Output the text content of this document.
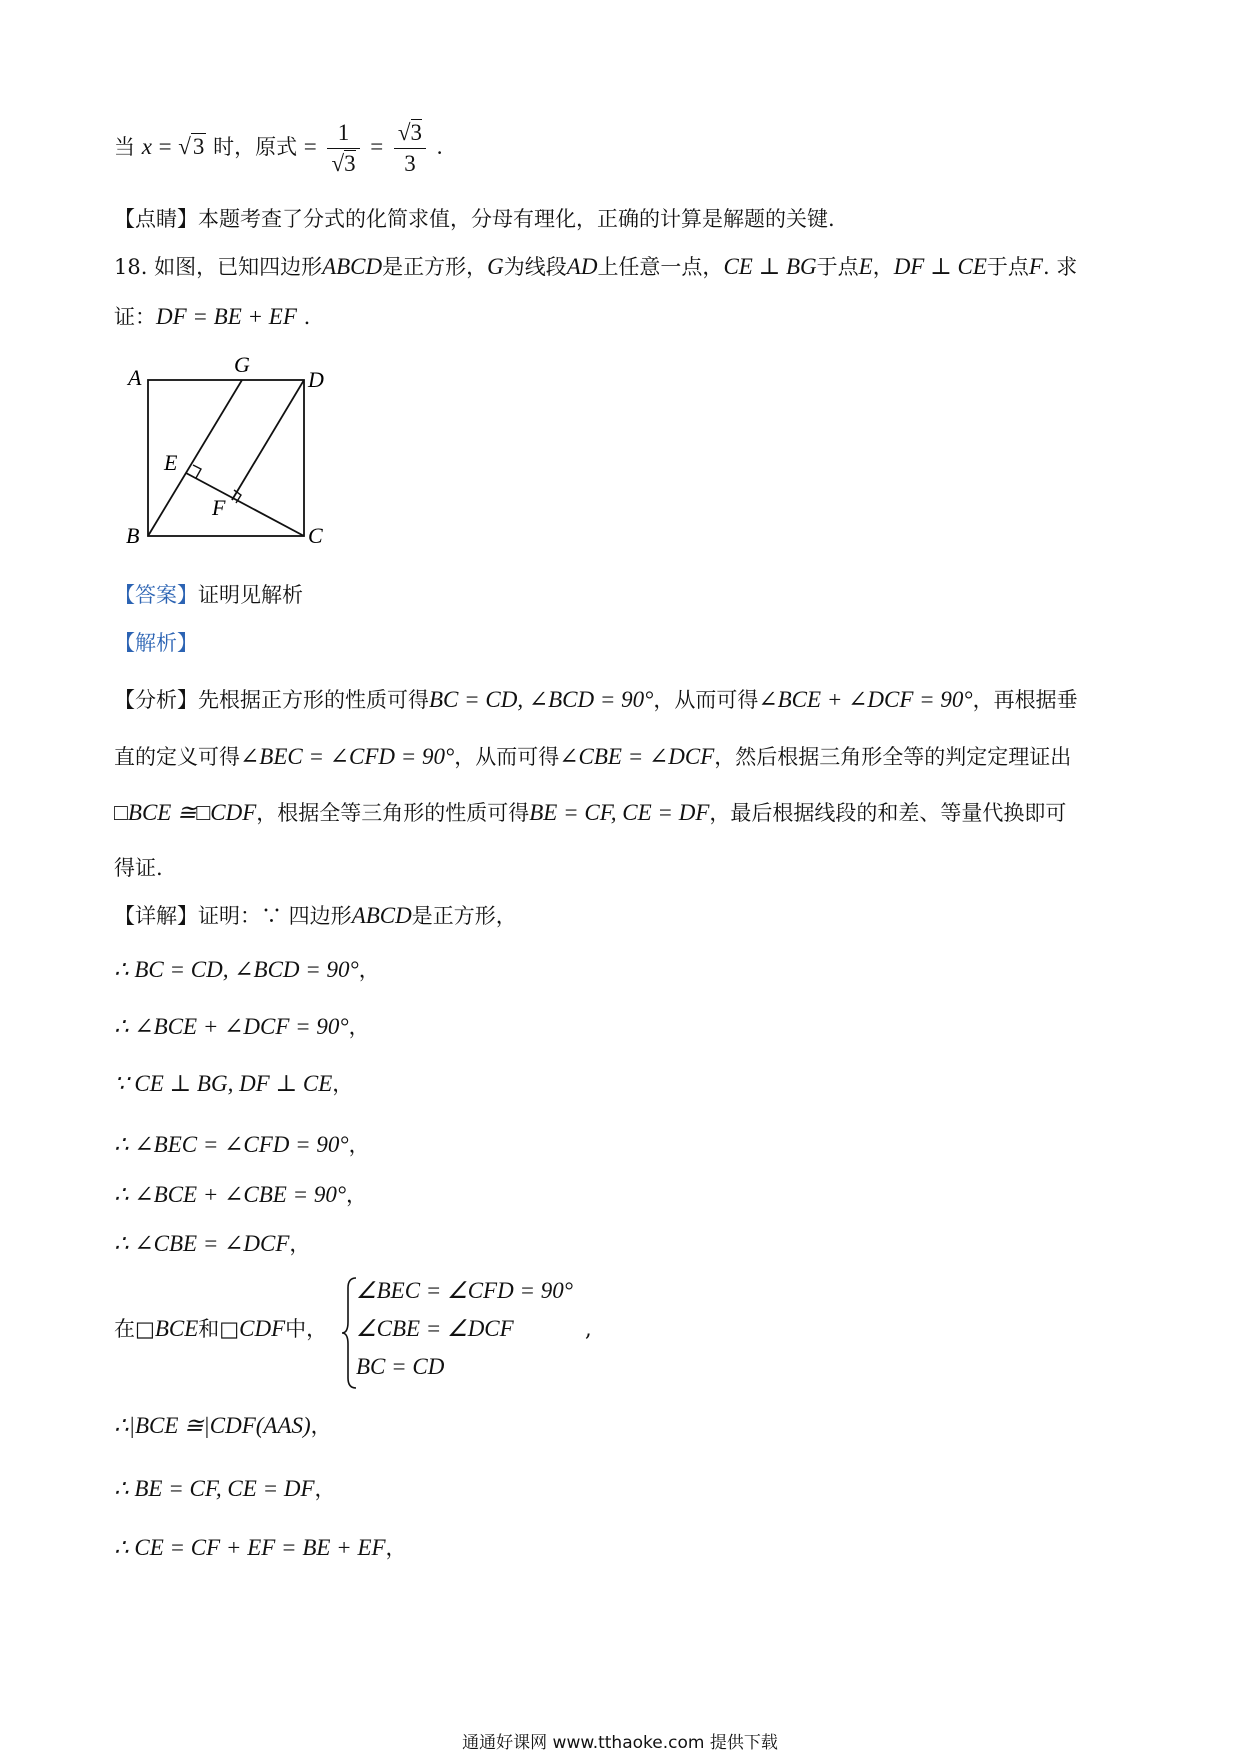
当 x = √3 时，原式 = $\frac{1}{√3} = \frac{√3}{3}$ .
【点睛】本题考查了分式的化简求值，分母有理化，正确的计算是解题的关键.
18. 如图，已知四边形ABCD是正方形，G为线段AD上任意一点，CE ⊥ BG于点E，DF ⊥ CE于点F. 求
证：DF = BE + EF .
A
G
D
E
F
B	C
【答案】证明见解析
【解析】
【分析】先根据正方形的性质可得BC = CD, ∠BCD = 90°，从而可得∠BCE + ∠DCF = 90°，再根据垂
直的定义可得∠BEC = ∠CFD = 90°，从而可得∠CBE = ∠DCF，然后根据三角形全等的判定定理证出
□BCE ≅□CDF，根据全等三角形的性质可得BE = CF, CE = DF，最后根据线段的和差、等量代换即可
得证.
【详解】证明：∵ 四边形ABCD是正方形，
∴ BC = CD, ∠BCD = 90°，
∴ ∠BCE + ∠DCF = 90°，
∵ CE ⊥ BG, DF ⊥ CE，
∴ ∠BEC = ∠CFD = 90°，
∴ ∠BCE + ∠CBE = 90°，
∴ ∠CBE = ∠DCF，
在□BCE和□CDF中，
∠BEC = ∠CFD = 90°
∠CBE = ∠DCF
BC = CD
,
∴|BCE ≅|CDF(AAS)，
∴ BE = CF, CE = DF，
∴ CE = CF + EF = BE + EF，
通通好课网 www.tthaoke.com 提供下载
